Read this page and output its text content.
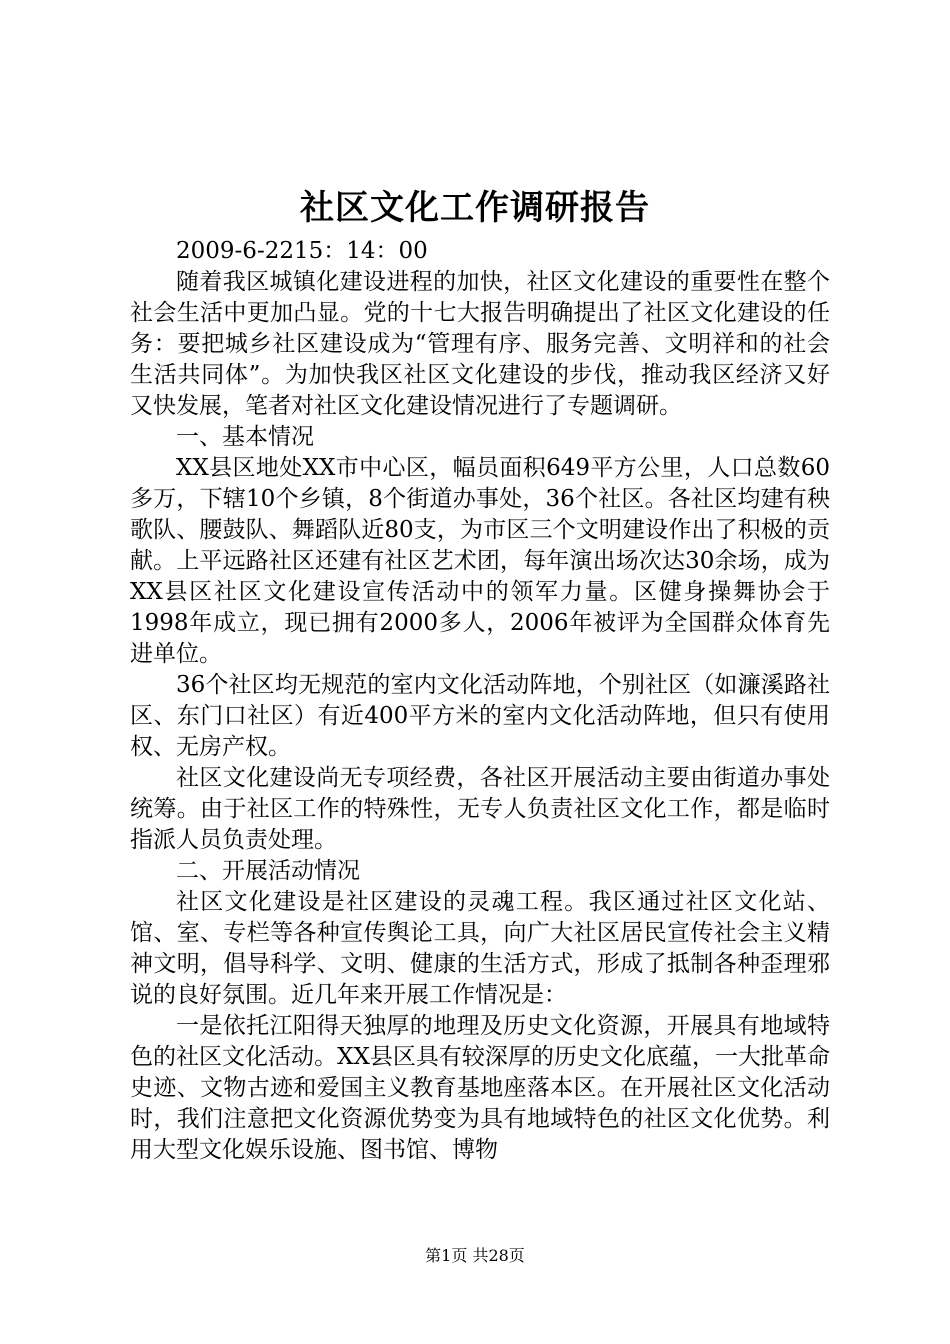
社区文化工作调研报告

2009-6-2215：14：00

随着我区城镇化建设进程的加快，社区文化建设的重要性在整个社会生活中更加凸显。党的十七大报告明确提出了社区文化建设的任务：要把城乡社区建设成为“管理有序、服务完善、文明祥和的社会生活共同体”。为加快我区社区文化建设的步伐，推动我区经济又好又快发展，笔者对社区文化建设情况进行了专题调研。

一、基本情况

XX县区地处XX市中心区，幅员面积649平方公里，人口总数60多万，下辖10个乡镇，8个街道办事处，36个社区。各社区均建有秧歌队、腰鼓队、舞蹈队近80支，为市区三个文明建设作出了积极的贡献。上平远路社区还建有社区艺术团，每年演出场次达30余场，成为XX县区社区文化建设宣传活动中的领军力量。区健身操舞协会于1998年成立，现已拥有2000多人，2006年被评为全国群众体育先进单位。

36个社区均无规范的室内文化活动阵地，个别社区（如濂溪路社区、东门口社区）有近400平方米的室内文化活动阵地，但只有使用权、无房产权。

社区文化建设尚无专项经费，各社区开展活动主要由街道办事处统筹。由于社区工作的特殊性，无专人负责社区文化工作，都是临时指派人员负责处理。

二、开展活动情况

社区文化建设是社区建设的灵魂工程。我区通过社区文化站、馆、室、专栏等各种宣传舆论工具，向广大社区居民宣传社会主义精神文明，倡导科学、文明、健康的生活方式，形成了抵制各种歪理邪说的良好氛围。近几年来开展工作情况是：

一是依托江阳得天独厚的地理及历史文化资源，开展具有地域特色的社区文化活动。XX县区具有较深厚的历史文化底蕴，一大批革命史迹、文物古迹和爱国主义教育基地座落本区。在开展社区文化活动时，我们注意把文化资源优势变为具有地域特色的社区文化优势。利用大型文化娱乐设施、图书馆、博物

第1页 共28页
